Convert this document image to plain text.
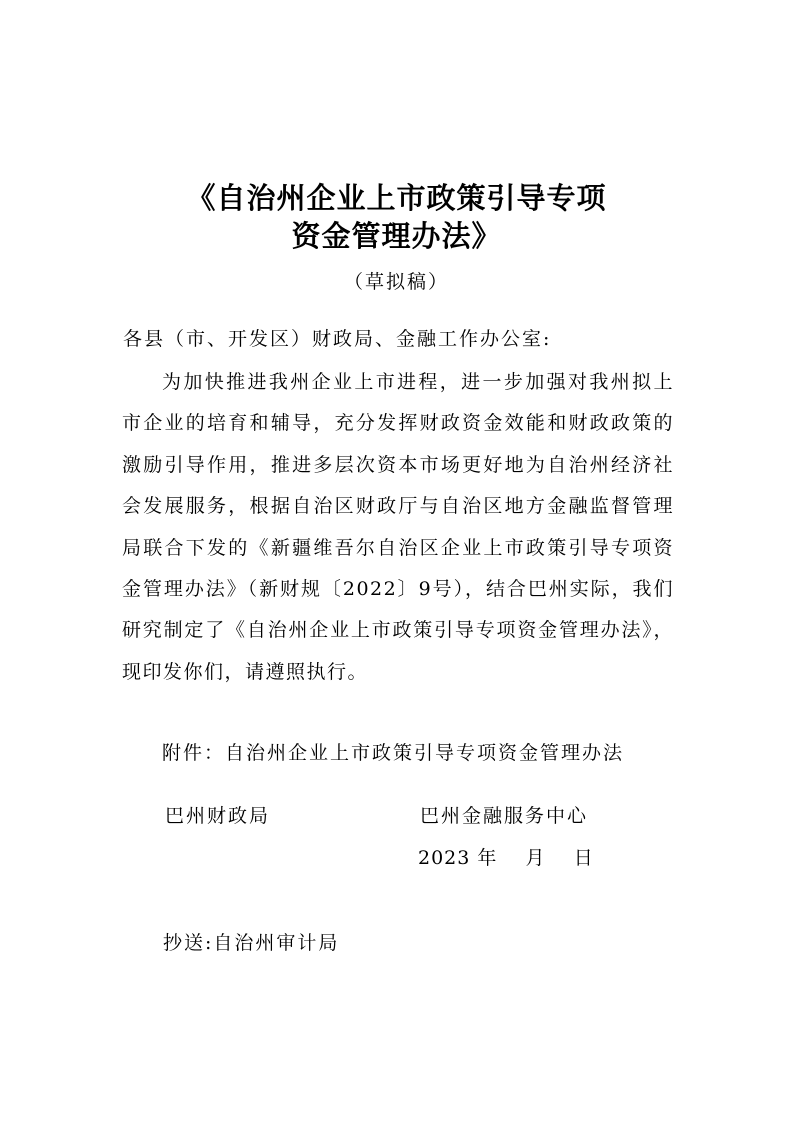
《自治州企业上市政策引导专项
资金管理办法》
（草拟稿）
各县（市、开发区）财政局、金融工作办公室:

为加快推进我州企业上市进程，进一步加强对我州拟上市企业的培育和辅导，充分发挥财政资金效能和财政政策的激励引导作用，推进多层次资本市场更好地为自治州经济社会发展服务，根据自治区财政厅与自治区地方金融监督管理局联合下发的《新疆维吾尔自治区企业上市政策引导专项资金管理办法》（新财规〔2022〕9号），结合巴州实际，我们研究制定了《自治州企业上市政策引导专项资金管理办法》，现印发你们，请遵照执行。

附件：自治州企业上市政策引导专项资金管理办法
巴州财政局	巴州金融服务中心
2023 年    月    日
抄送:自治州审计局
